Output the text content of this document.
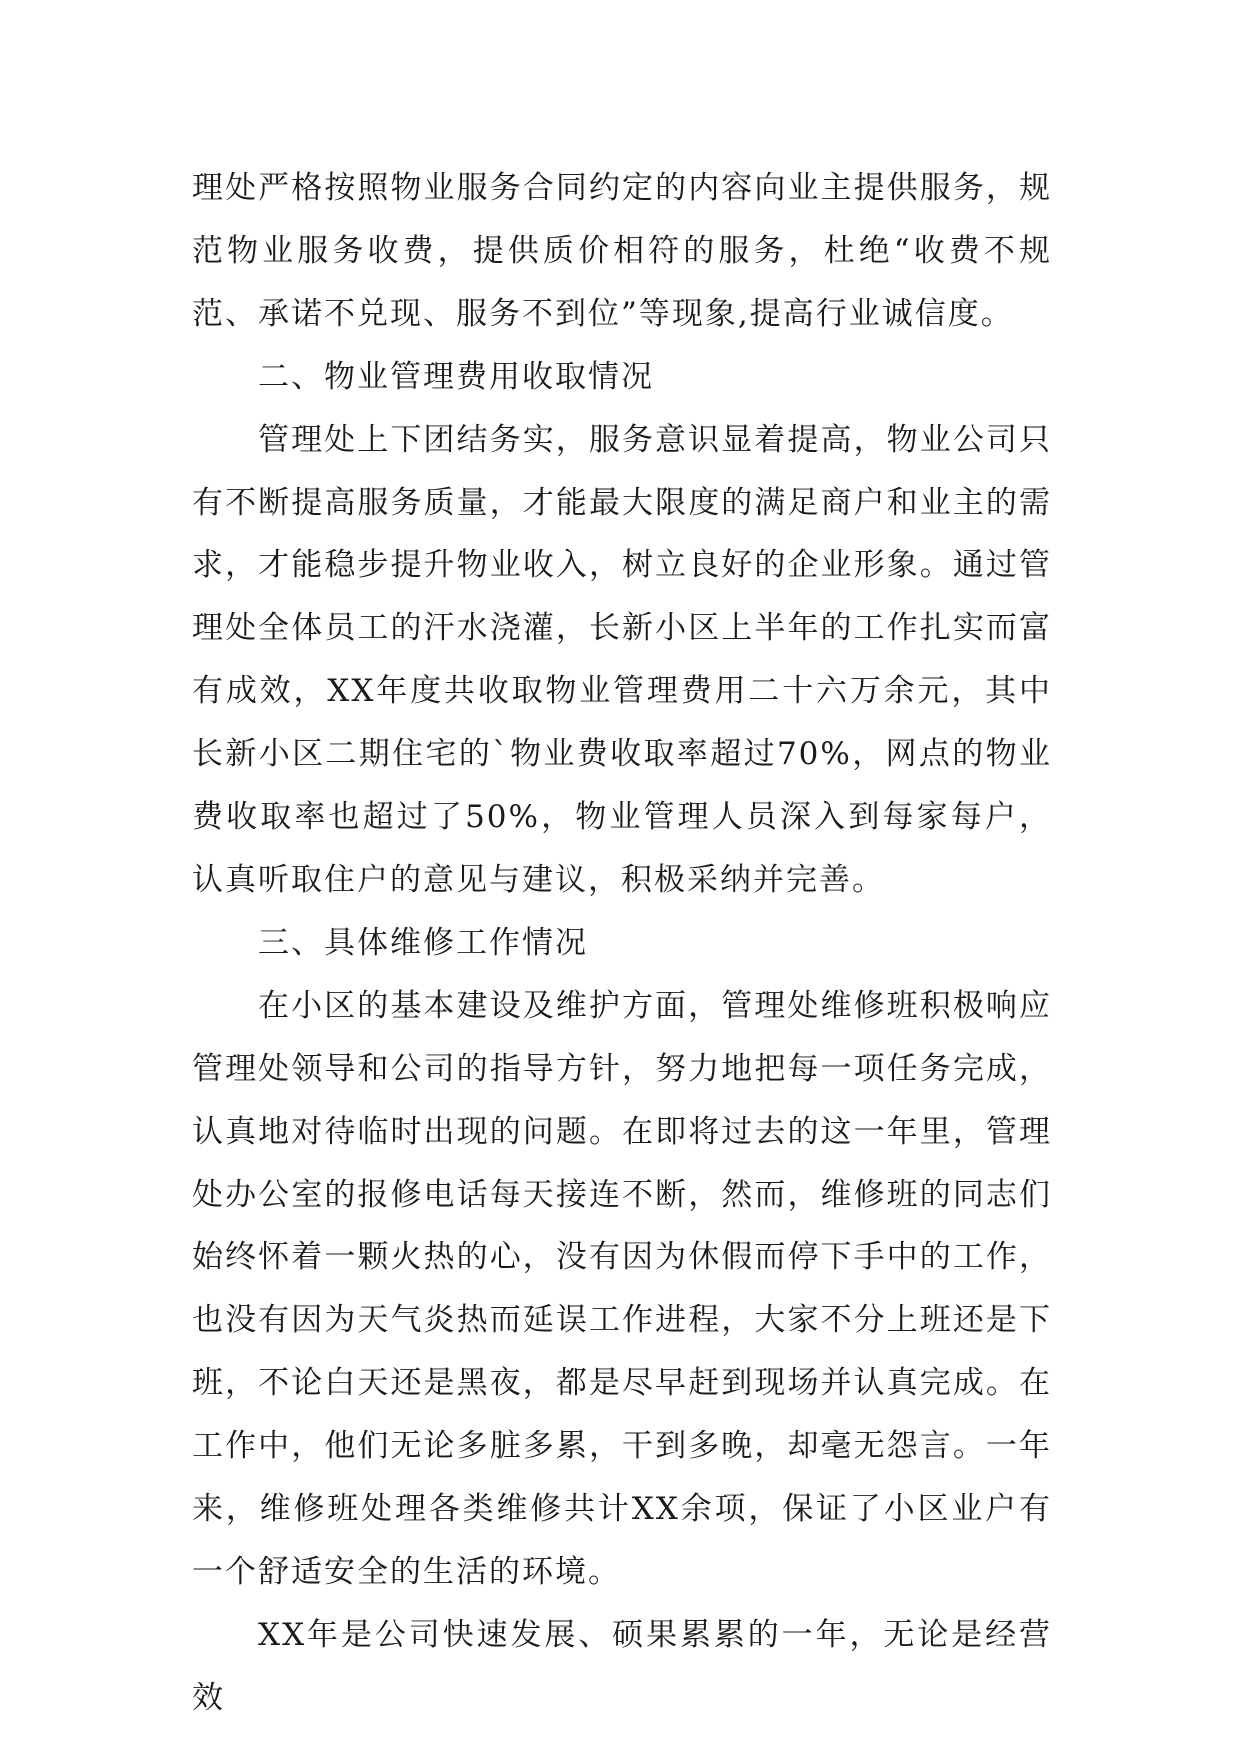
理处严格按照物业服务合同约定的内容向业主提供服务，规范物业服务收费，提供质价相符的服务，杜绝“收费不规范、承诺不兑现、服务不到位”等现象,提高行业诚信度。

二、物业管理费用收取情况

管理处上下团结务实，服务意识显着提高，物业公司只有不断提高服务质量，才能最大限度的满足商户和业主的需求，才能稳步提升物业收入，树立良好的企业形象。通过管理处全体员工的汗水浇灌，长新小区上半年的工作扎实而富有成效，XX年度共收取物业管理费用二十六万余元，其中长新小区二期住宅的`物业费收取率超过70%，网点的物业费收取率也超过了50%，物业管理人员深入到每家每户，认真听取住户的意见与建议，积极采纳并完善。

三、具体维修工作情况

在小区的基本建设及维护方面，管理处维修班积极响应管理处领导和公司的指导方针，努力地把每一项任务完成，认真地对待临时出现的问题。在即将过去的这一年里，管理处办公室的报修电话每天接连不断，然而，维修班的同志们始终怀着一颗火热的心，没有因为休假而停下手中的工作，也没有因为天气炎热而延误工作进程，大家不分上班还是下班，不论白天还是黑夜，都是尽早赶到现场并认真完成。在工作中，他们无论多脏多累，干到多晚，却毫无怨言。一年来，维修班处理各类维修共计XX余项，保证了小区业户有一个舒适安全的生活的环境。

XX年是公司快速发展、硕果累累的一年，无论是经营效
